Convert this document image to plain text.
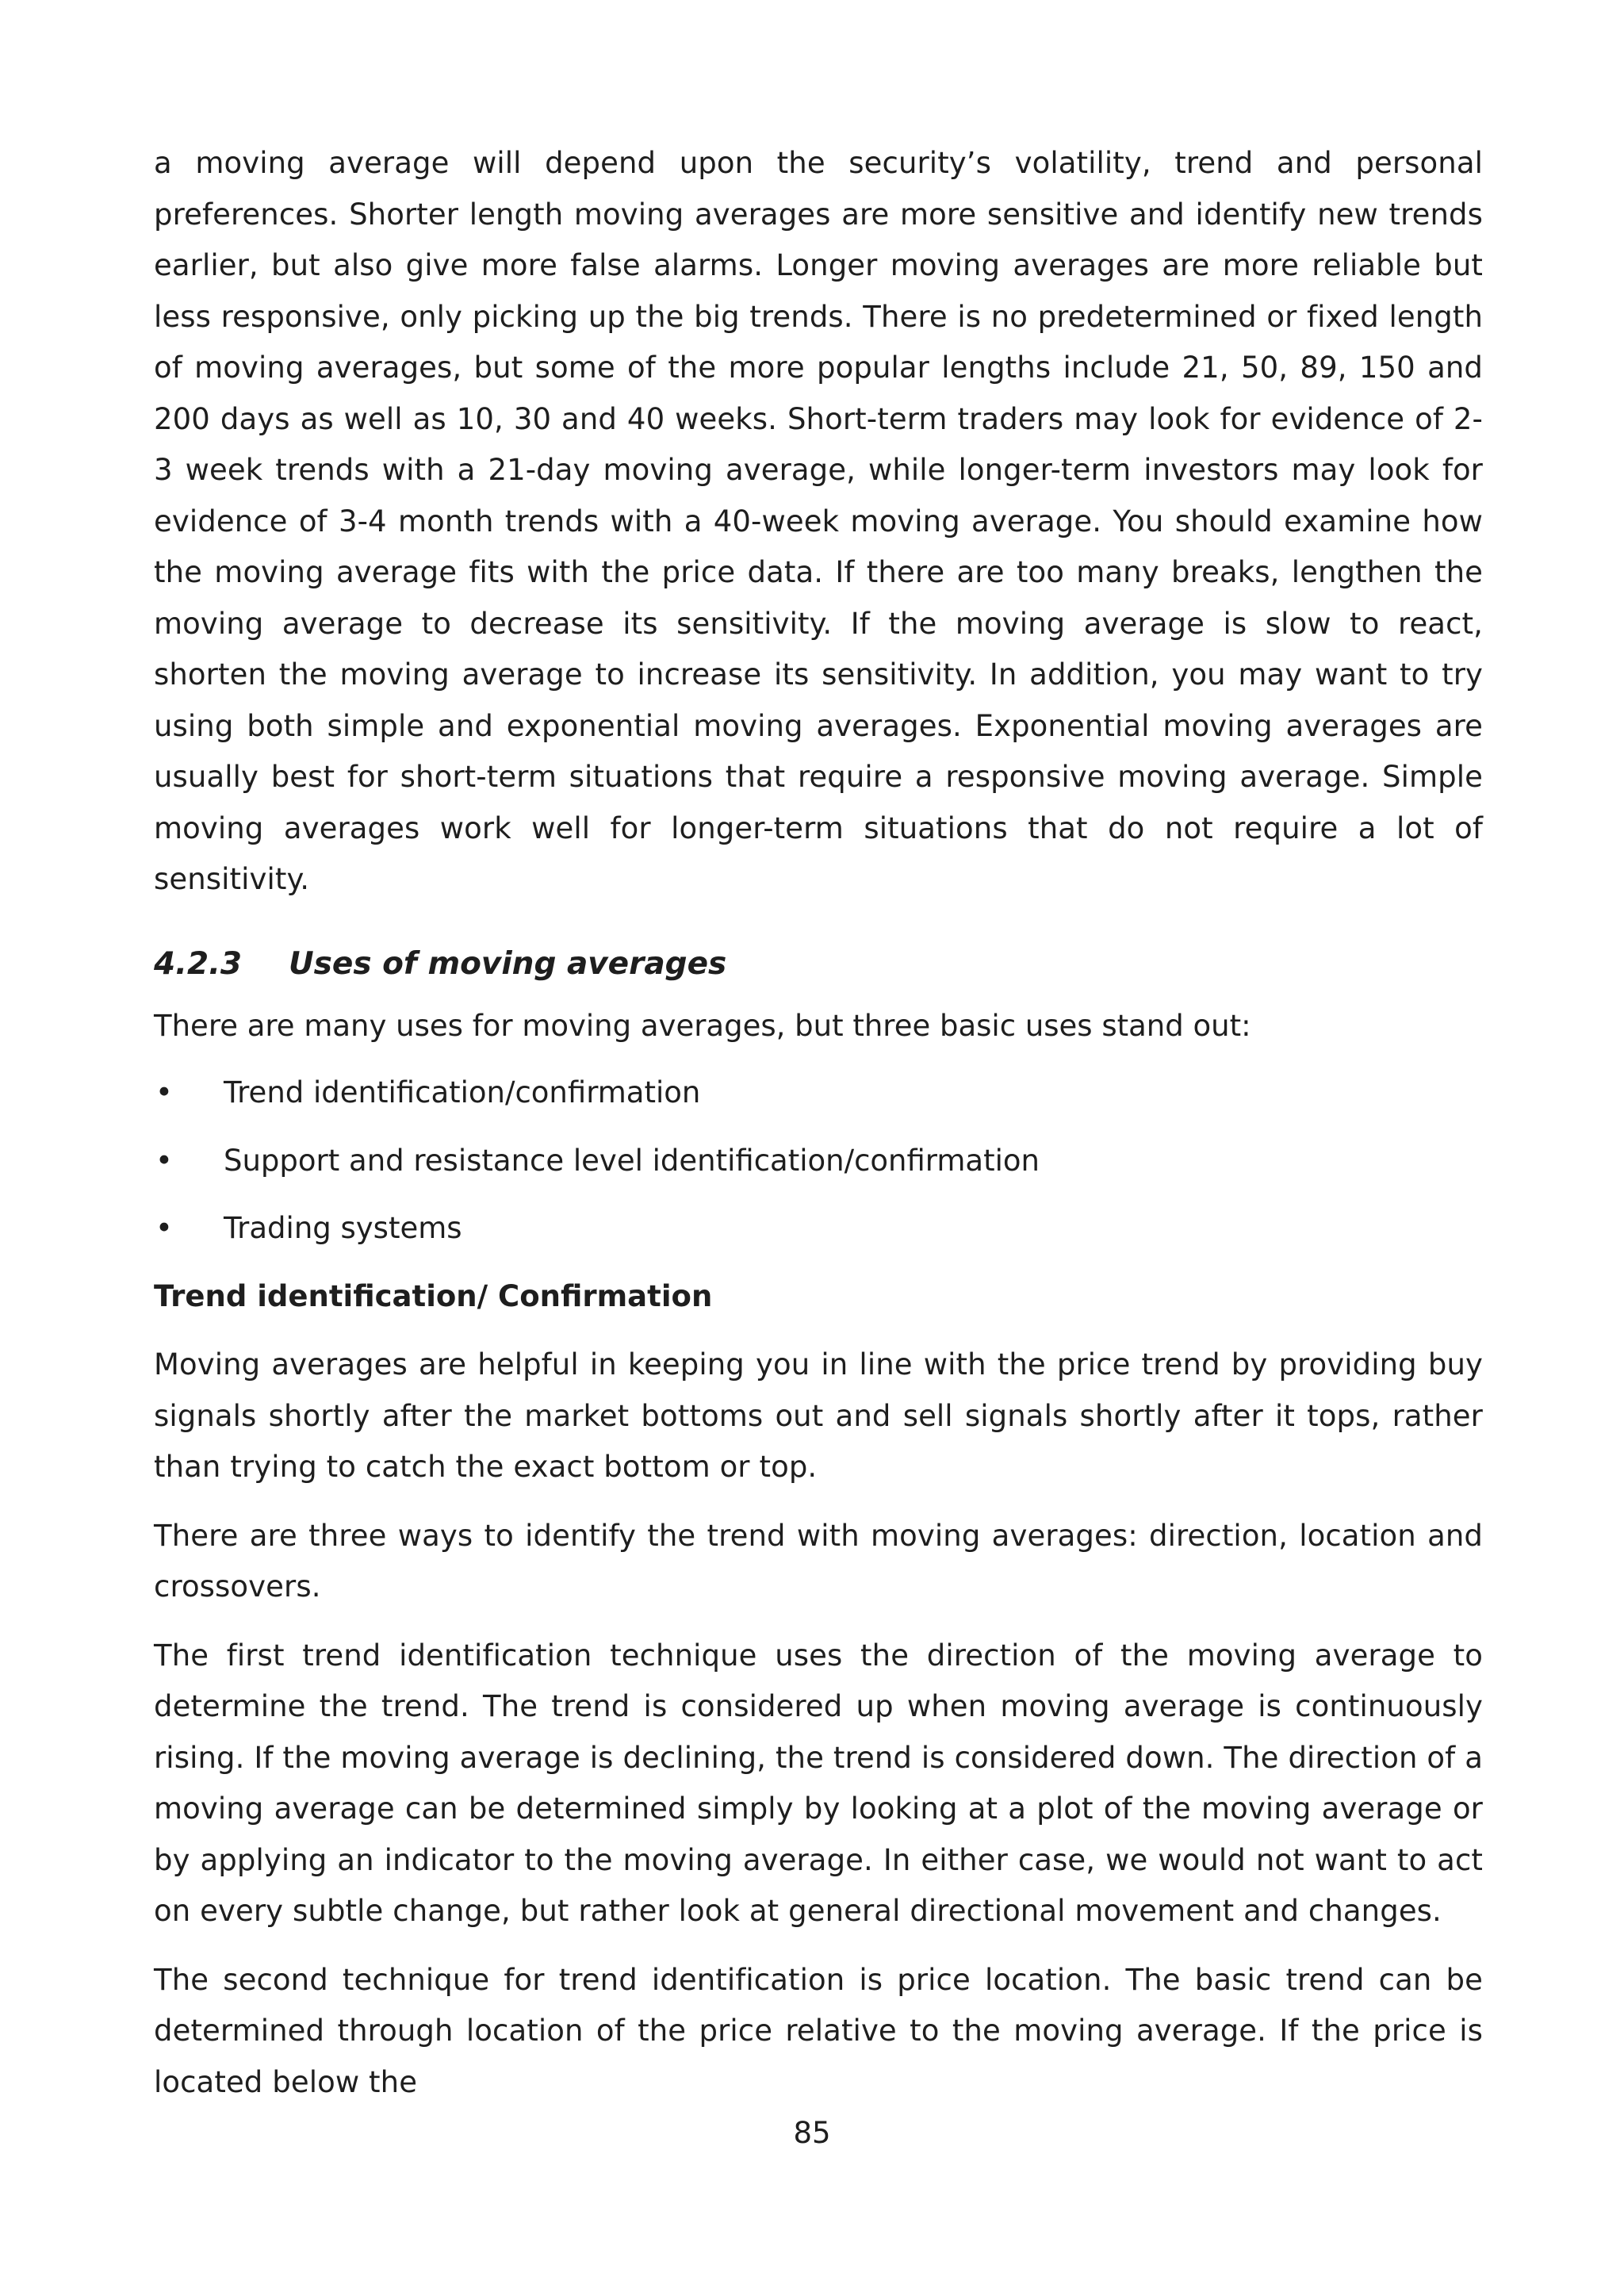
a moving average will depend upon the security’s volatility, trend and personal preferences. Shorter length moving averages are more sensitive and identify new trends earlier, but also give more false alarms. Longer moving averages are more reliable but less responsive, only picking up the big trends. There is no predetermined or fixed length of moving averages, but some of the more popular lengths include 21, 50, 89, 150 and 200 days as well as 10, 30 and 40 weeks. Short-term traders may look for evidence of 2-3 week trends with a 21-day moving average, while longer-term investors may look for evidence of 3-4 month trends with a 40-week moving average. You should examine how the moving average fits with the price data. If there are too many breaks, lengthen the moving average to decrease its sensitivity. If the moving average is slow to react, shorten the moving average to increase its sensitivity. In addition, you may want to try using both simple and exponential moving averages. Exponential moving averages are usually best for short-term situations that require a responsive moving average. Simple moving averages work well for longer-term situations that do not require a lot of sensitivity.

4.2.3	Uses of moving averages

There are many uses for moving averages, but three basic uses stand out:

•	Trend identification/confirmation
•	Support and resistance level identification/confirmation
•	Trading systems
Trend identification/ Confirmation

Moving averages are helpful in keeping you in line with the price trend by providing buy signals shortly after the market bottoms out and sell signals shortly after it tops, rather than trying to catch the exact bottom or top.

There are three ways to identify the trend with moving averages: direction, location and crossovers.

The first trend identification technique uses the direction of the moving average to determine the trend. The trend is considered up when moving average is continuously rising. If the moving average is declining, the trend is considered down. The direction of a moving average can be determined simply by looking at a plot of the moving average or by applying an indicator to the moving average. In either case, we would not want to act on every subtle change, but rather look at general directional movement and changes.

The second technique for trend identification is price location. The basic trend can be determined through location of the price relative to the moving average. If the price is located below the

85
